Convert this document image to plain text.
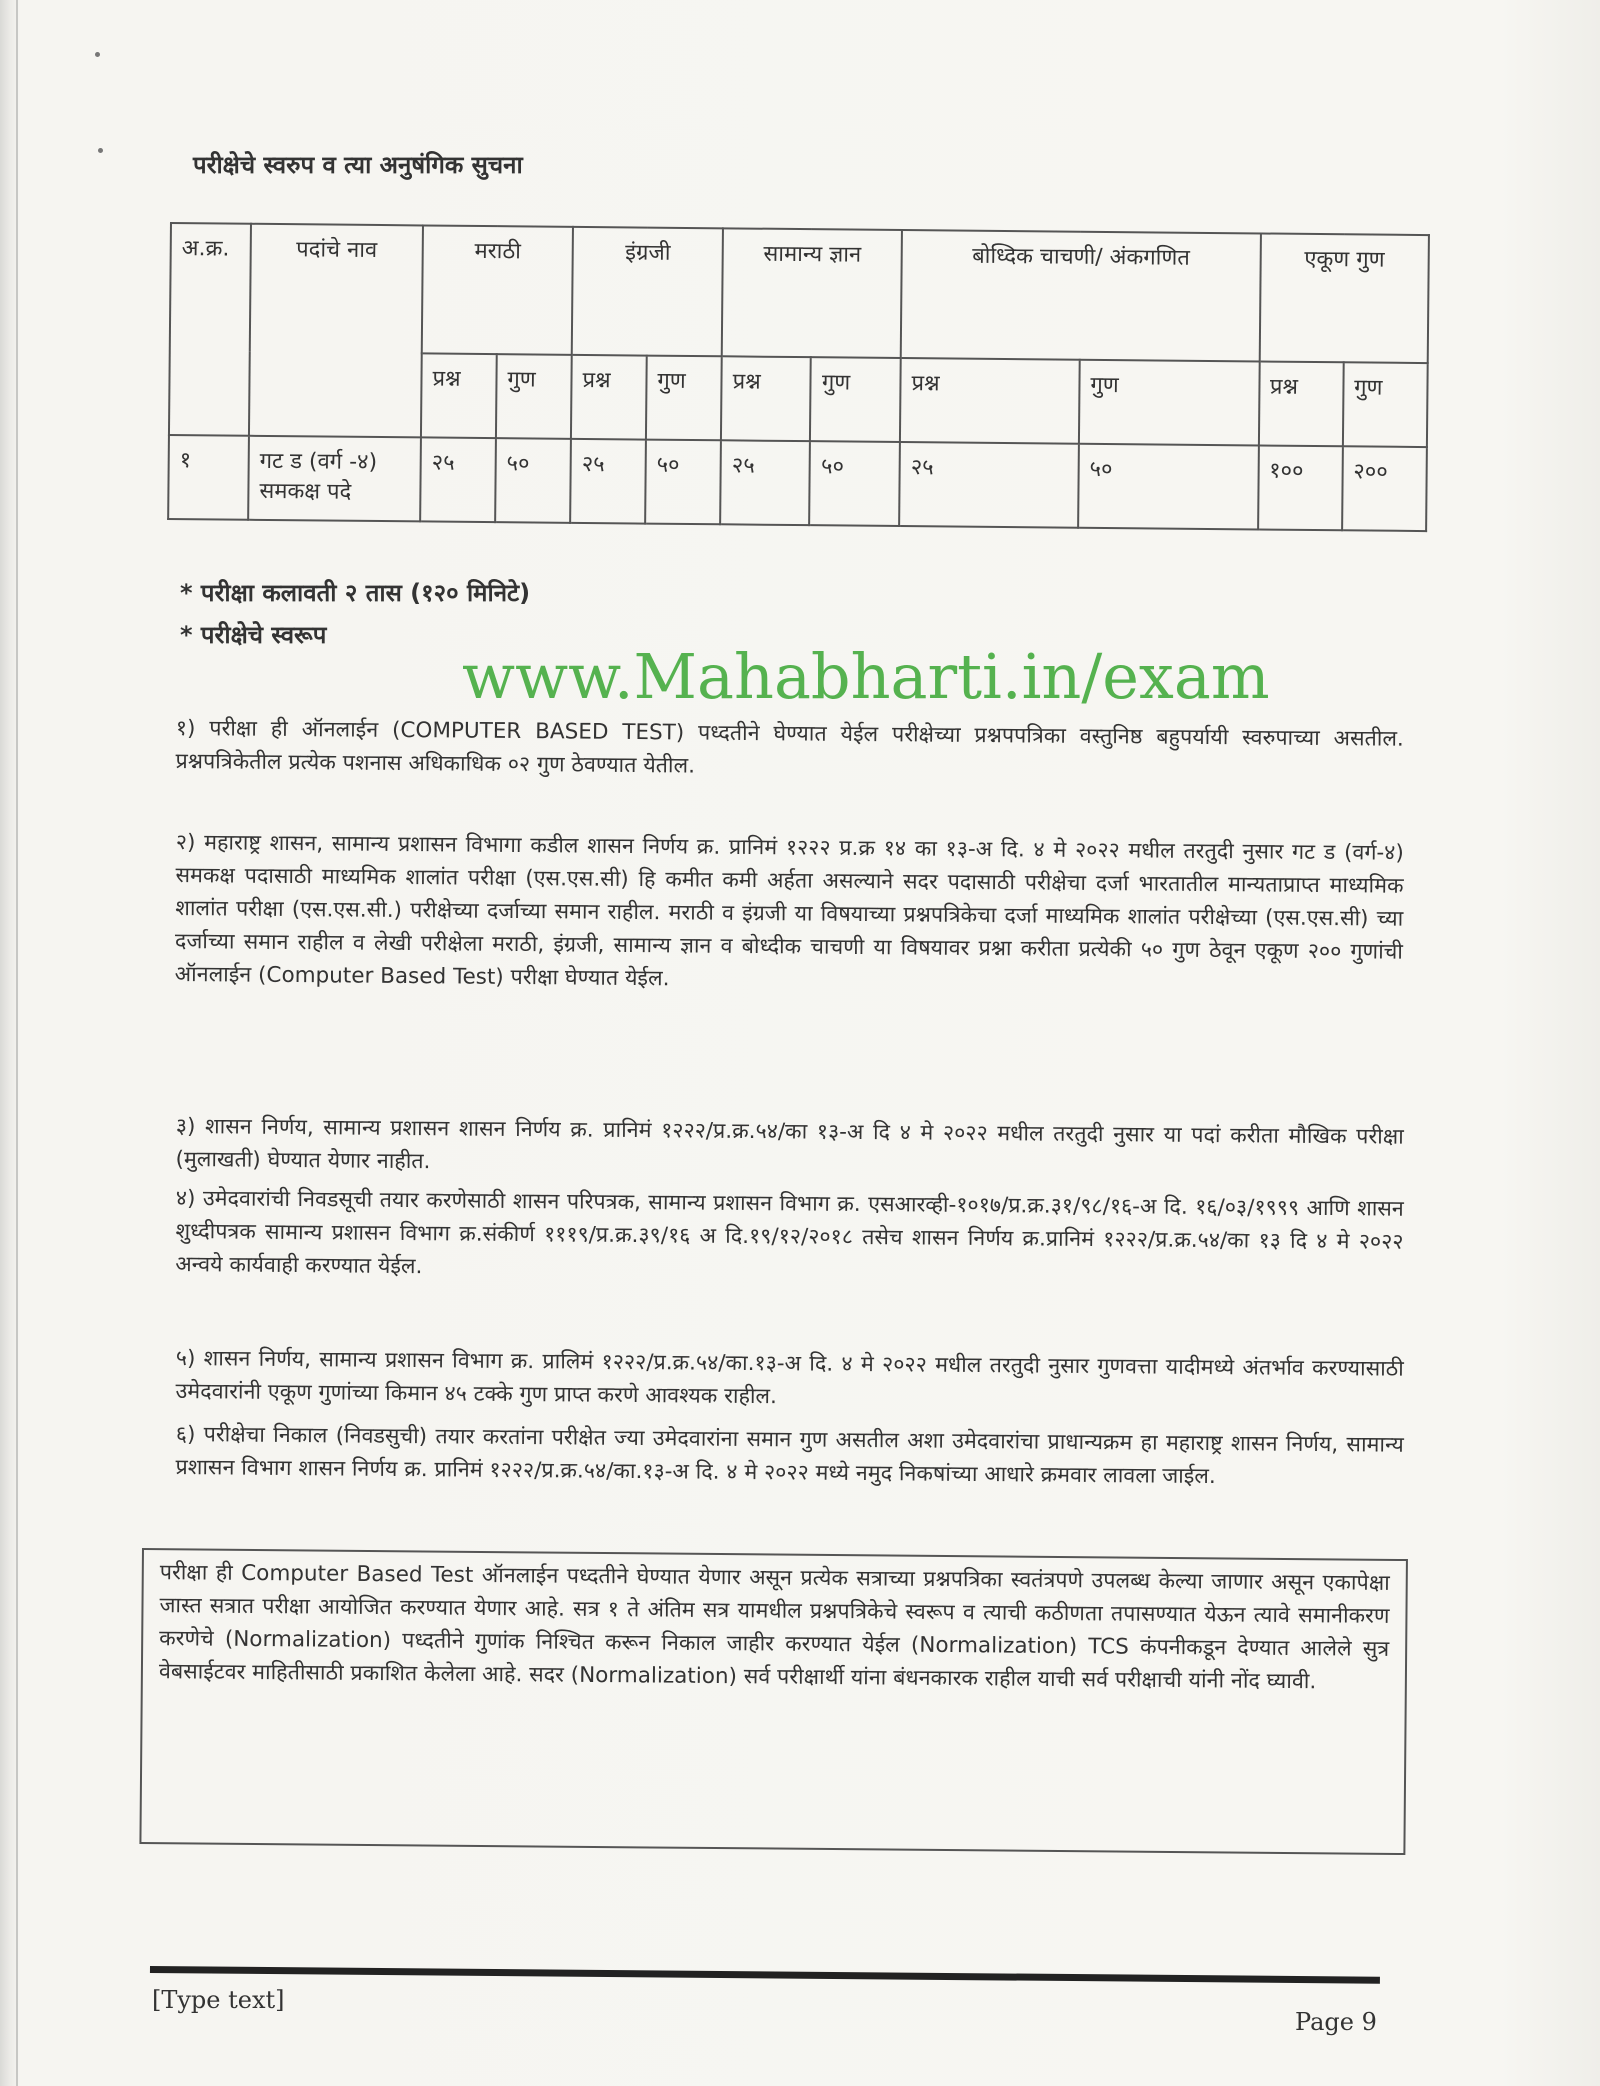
परीक्षेचे स्वरुप व त्या अनुषंगिक सुचना
अ.क्र.	पदांचे नाव	मराठी		इंग्रजी		सामान्य ज्ञान		बोध्दिक चाचणी/ अंकगणित		एकूण गुण	
		प्रश्न	गुण	प्रश्न	गुण	प्रश्न	गुण	प्रश्न	गुण	प्रश्न	गुण
१	गट ड (वर्ग -४) समकक्ष पदे	२५	५०	२५	५०	२५	५०	२५	५०	१००	२००
* परीक्षा कलावती २ तास (१२० मिनिटे)
* परीक्षेचे स्वरूप
www.Mahabharti.in/exam
१) परीक्षा ही ऑनलाईन (COMPUTER BASED TEST) पध्दतीने घेण्यात येईल परीक्षेच्या प्रश्नपपत्रिका वस्तुनिष्ठ बहुपर्यायी स्वरुपाच्या असतील. प्रश्नपत्रिकेतील प्रत्येक पशनास अधिकाधिक ०२ गुण ठेवण्यात येतील.
२) महाराष्ट्र शासन, सामान्य प्रशासन विभागा कडील शासन निर्णय क्र. प्रानिमं १२२२ प्र.क्र १४ का १३-अ दि. ४ मे २०२२ मधील तरतुदी नुसार गट ड (वर्ग-४) समकक्ष पदासाठी माध्यमिक शालांत परीक्षा (एस.एस.सी) हि कमीत कमी अर्हता असल्याने सदर पदासाठी परीक्षेचा दर्जा भारतातील मान्यताप्राप्त माध्यमिक शालांत परीक्षा (एस.एस.सी.) परीक्षेच्या दर्जाच्या समान राहील. मराठी व इंग्रजी या विषयाच्या प्रश्नपत्रिकेचा दर्जा माध्यमिक शालांत परीक्षेच्या (एस.एस.सी) च्या दर्जाच्या समान राहील व लेखी परीक्षेला मराठी, इंग्रजी, सामान्य ज्ञान व बोध्दीक चाचणी या विषयावर प्रश्ना करीता प्रत्येकी ५० गुण ठेवून एकूण २०० गुणांची ऑनलाईन (Computer Based Test) परीक्षा घेण्यात येईल.
३) शासन निर्णय, सामान्य प्रशासन शासन निर्णय क्र. प्रानिमं १२२२/प्र.क्र.५४/का १३-अ दि ४ मे २०२२ मधील तरतुदी नुसार या पदां करीता मौखिक परीक्षा (मुलाखती) घेण्यात येणार नाहीत.
४) उमेदवारांची निवडसूची तयार करणेसाठी शासन परिपत्रक, सामान्य प्रशासन विभाग क्र. एसआरव्ही-१०१७/प्र.क्र.३१/९८/१६-अ दि. १६/०३/१९९९ आणि शासन शुध्दीपत्रक सामान्य प्रशासन विभाग क्र.संकीर्ण १११९/प्र.क्र.३९/१६ अ दि.१९/१२/२०१८ तसेच शासन निर्णय क्र.प्रानिमं १२२२/प्र.क्र.५४/का १३ दि ४ मे २०२२ अन्वये कार्यवाही करण्यात येईल.
५) शासन निर्णय, सामान्य प्रशासन विभाग क्र. प्रालिमं १२२२/प्र.क्र.५४/का.१३-अ दि. ४ मे २०२२ मधील तरतुदी नुसार गुणवत्ता यादीमध्ये अंतर्भाव करण्यासाठी उमेदवारांनी एकूण गुणांच्या किमान ४५ टक्के गुण प्राप्त करणे आवश्यक राहील.
६) परीक्षेचा निकाल (निवडसुची) तयार करतांना परीक्षेत ज्या उमेदवारांना समान गुण असतील अशा उमेदवारांचा प्राधान्यक्रम हा महाराष्ट्र शासन निर्णय, सामान्य प्रशासन विभाग शासन निर्णय क्र. प्रानिमं १२२२/प्र.क्र.५४/का.१३-अ दि. ४ मे २०२२ मध्ये नमुद निकषांच्या आधारे क्रमवार लावला जाईल.
परीक्षा ही Computer Based Test ऑनलाईन पध्दतीने घेण्यात येणार असून प्रत्येक सत्राच्या प्रश्नपत्रिका स्वतंत्रपणे उपलब्ध केल्या जाणार असून एकापेक्षा जास्त सत्रात परीक्षा आयोजित करण्यात येणार आहे. सत्र १ ते अंतिम सत्र यामधील प्रश्नपत्रिकेचे स्वरूप व त्याची कठीणता तपासण्यात येऊन त्यावे समानीकरण करणेचे (Normalization) पध्दतीने गुणांक निश्चित करून निकाल जाहीर करण्यात येईल (Normalization) TCS कंपनीकडून देण्यात आलेले सुत्र वेबसाईटवर माहितीसाठी प्रकाशित केलेला आहे. सदर (Normalization) सर्व परीक्षार्थी यांना बंधनकारक राहील याची सर्व परीक्षाची यांनी नोंद घ्यावी.
[Type text]
Page 9
